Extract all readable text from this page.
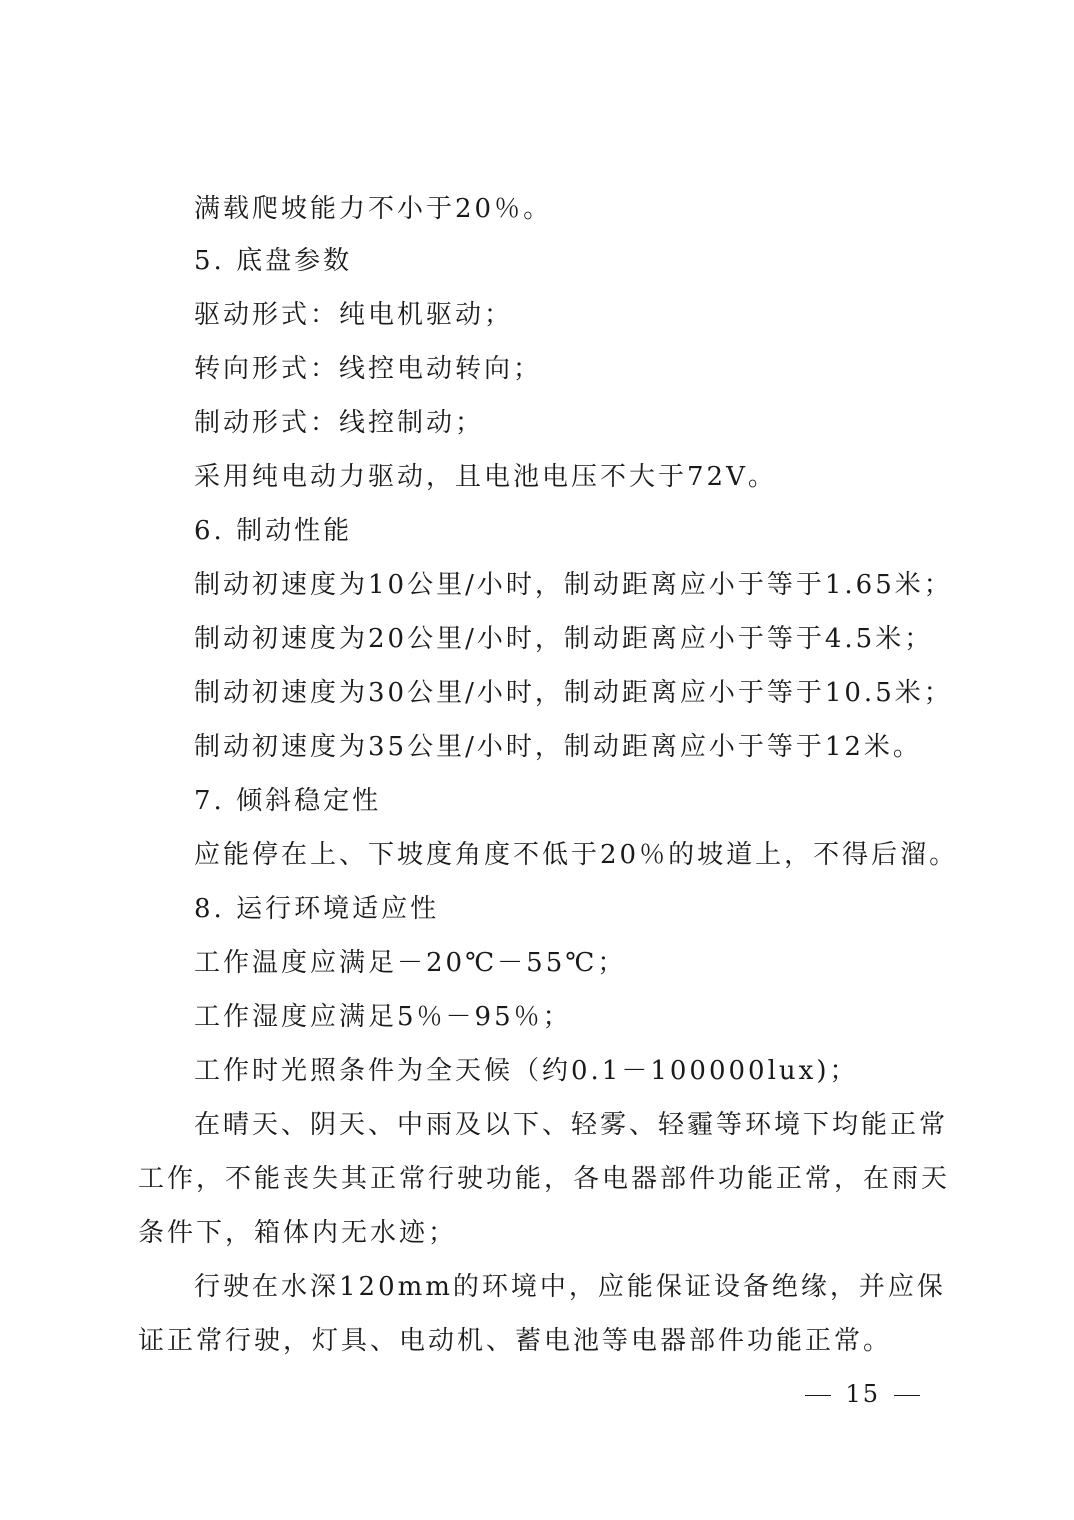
满载爬坡能力不小于20％。
5. 底盘参数
驱动形式：纯电机驱动；
转向形式：线控电动转向；
制动形式：线控制动；
采用纯电动力驱动，且电池电压不大于72V。
6. 制动性能
制动初速度为10公里/小时，制动距离应小于等于1.65米；
制动初速度为20公里/小时，制动距离应小于等于4.5米；
制动初速度为30公里/小时，制动距离应小于等于10.5米；
制动初速度为35公里/小时，制动距离应小于等于12米。
7. 倾斜稳定性
应能停在上、下坡度角度不低于20％的坡道上，不得后溜。
8. 运行环境适应性
工作温度应满足－20℃－55℃；
工作湿度应满足5％－95％；
工作时光照条件为全天候（约0.1－100000lux)；
在晴天、阴天、中雨及以下、轻雾、轻霾等环境下均能正常
工作，不能丧失其正常行驶功能，各电器部件功能正常，在雨天
条件下，箱体内无水迹；
行驶在水深120mm的环境中，应能保证设备绝缘，并应保
证正常行驶，灯具、电动机、蓄电池等电器部件功能正常。
15
